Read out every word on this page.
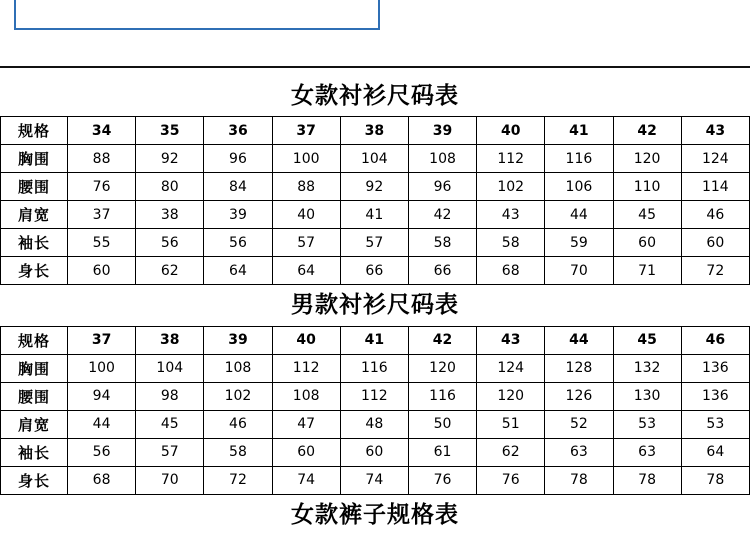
女款衬衫尺码表
规格	34	35	36	37	38	39	40	41	42	43
胸围	88	92	96	100	104	108	112	116	120	124
腰围	76	80	84	88	92	96	102	106	110	114
肩宽	37	38	39	40	41	42	43	44	45	46
袖长	55	56	56	57	57	58	58	59	60	60
身长	60	62	64	64	66	66	68	70	71	72
男款衬衫尺码表
规格	37	38	39	40	41	42	43	44	45	46
胸围	100	104	108	112	116	120	124	128	132	136
腰围	94	98	102	108	112	116	120	126	130	136
肩宽	44	45	46	47	48	50	51	52	53	53
袖长	56	57	58	60	60	61	62	63	63	64
身长	68	70	72	74	74	76	76	78	78	78
女款裤子规格表
